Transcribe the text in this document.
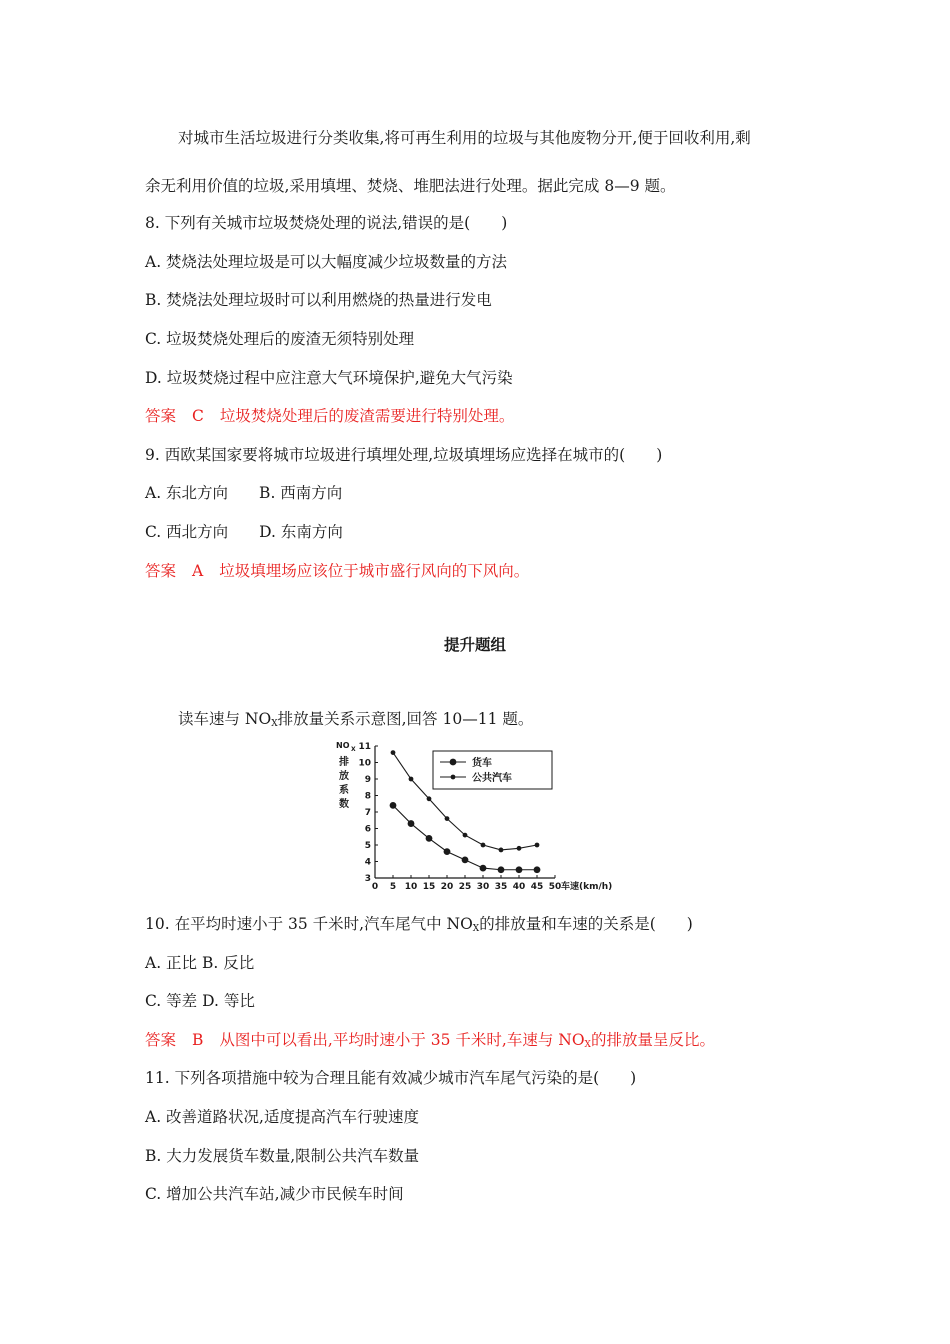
对城市生活垃圾进行分类收集,将可再生利用的垃圾与其他废物分开,便于回收利用,剩
余无利用价值的垃圾,采用填埋、焚烧、堆肥法进行处理。据此完成 8—9 题。
8. 下列有关城市垃圾焚烧处理的说法,错误的是(　　)
A. 焚烧法处理垃圾是可以大幅度减少垃圾数量的方法
B. 焚烧法处理垃圾时可以利用燃烧的热量进行发电
C. 垃圾焚烧处理后的废渣无须特别处理
D. 垃圾焚烧过程中应注意大气环境保护,避免大气污染
答案 C 垃圾焚烧处理后的废渣需要进行特别处理。
9. 西欧某国家要将城市垃圾进行填埋处理,垃圾填埋场应选择在城市的(　　)
A. 东北方向　　B. 西南方向
C. 西北方向　　D. 东南方向
答案 A 垃圾填埋场应该位于城市盛行风向的下风向。
提升题组
读车速与 $NO_X$排放量关系示意图,回答 10—11 题。
0 5 10 15 20 25 30 35 40 45 50 车速(km/h)
3
4
5
6
7
8
9
10
11
NO X
排
放
系
数
货车
公共汽车
10. 在平均时速小于 35 千米时,汽车尾气中 $NO_X$的排放量和车速的关系是(　　)
A. 正比 B. 反比
C. 等差 D. 等比
答案 B 从图中可以看出,平均时速小于 35 千米时,车速与 $NO_X$的排放量呈反比。
11. 下列各项措施中较为合理且能有效减少城市汽车尾气污染的是(　　)
A. 改善道路状况,适度提高汽车行驶速度
B. 大力发展货车数量,限制公共汽车数量
C. 增加公共汽车站,减少市民候车时间
